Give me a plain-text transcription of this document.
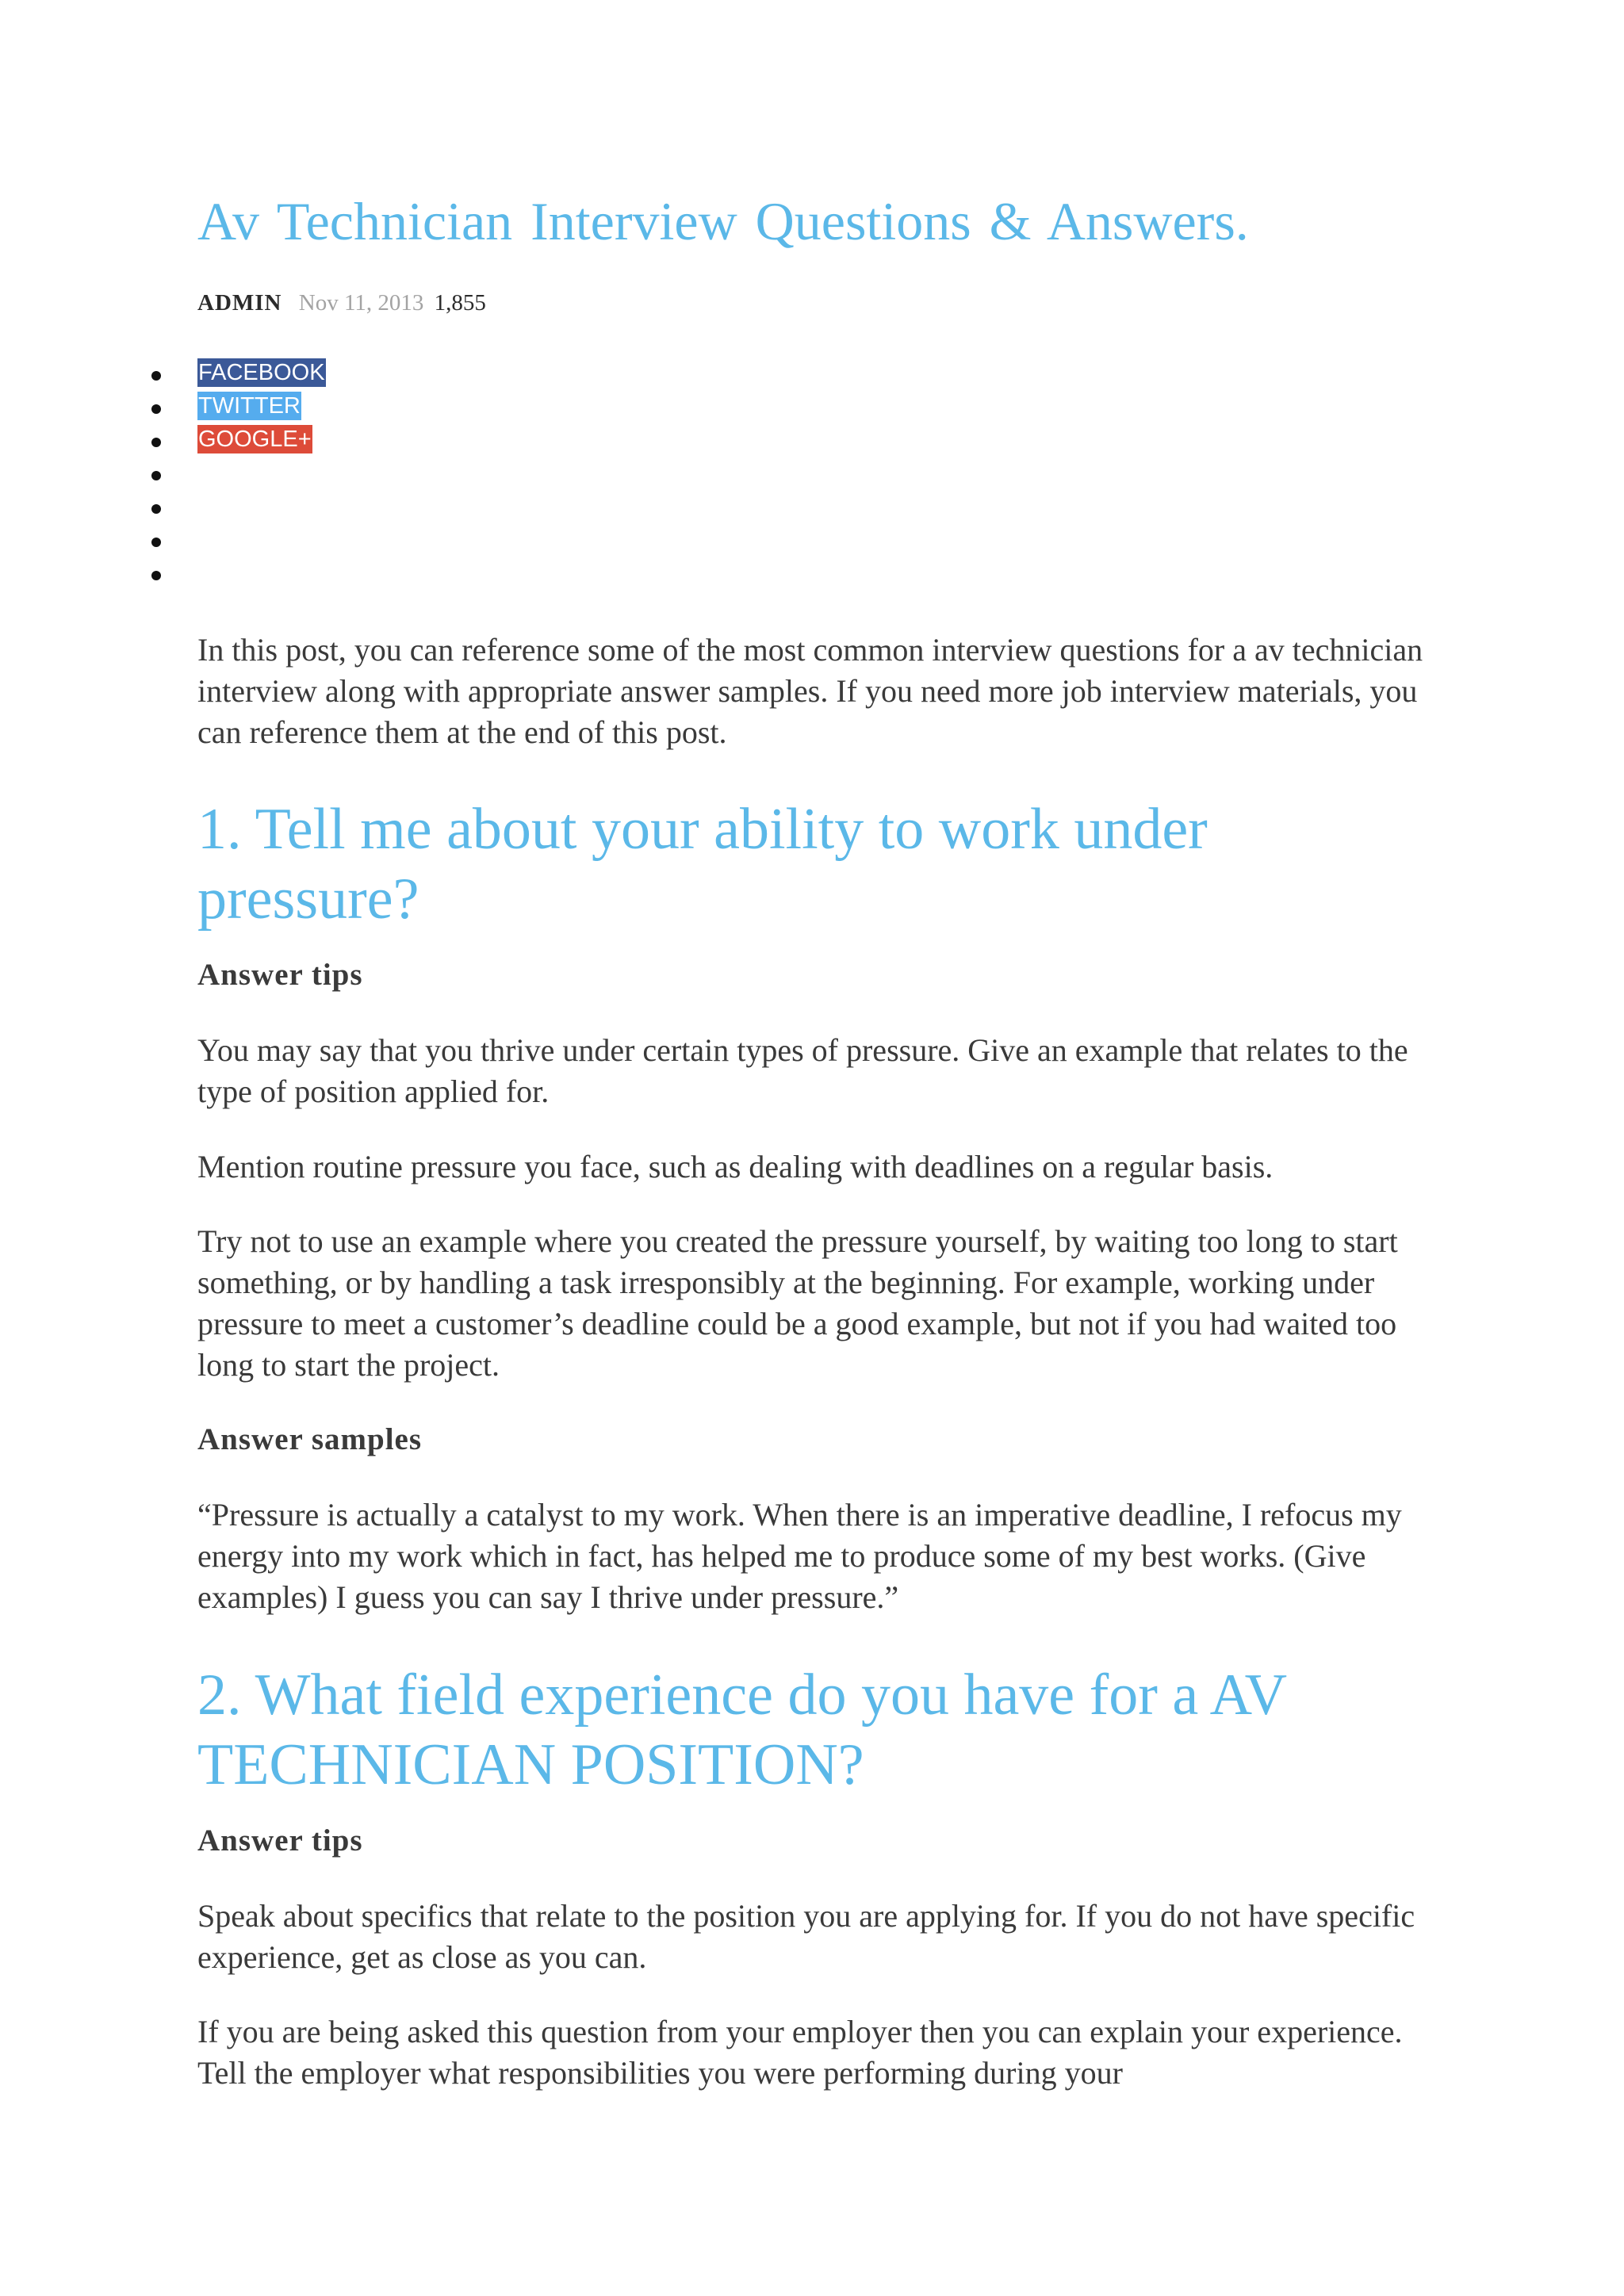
Av Technician Interview Questions & Answers.
ADMIN Nov 11, 2013 1,855
FACEBOOK
TWITTER
GOOGLE+

In this post, you can reference some of the most common interview questions for a av technician interview along with appropriate answer samples. If you need more job interview materials, you can reference them at the end of this post.

1. Tell me about your ability to work under pressure?
Answer tips

You may say that you thrive under certain types of pressure. Give an example that relates to the type of position applied for.

Mention routine pressure you face, such as dealing with deadlines on a regular basis.

Try not to use an example where you created the pressure yourself, by waiting too long to start something, or by handling a task irresponsibly at the beginning. For example, working under pressure to meet a customer’s deadline could be a good example, but not if you had waited too long to start the project.

Answer samples

“Pressure is actually a catalyst to my work. When there is an imperative deadline, I refocus my energy into my work which in fact, has helped me to produce some of my best works. (Give examples) I guess you can say I thrive under pressure.”

2. What field experience do you have for a AV TECHNICIAN POSITION?
Answer tips

Speak about specifics that relate to the position you are applying for. If you do not have specific experience, get as close as you can.

If you are being asked this question from your employer then you can explain your experience. Tell the employer what responsibilities you were performing during your
